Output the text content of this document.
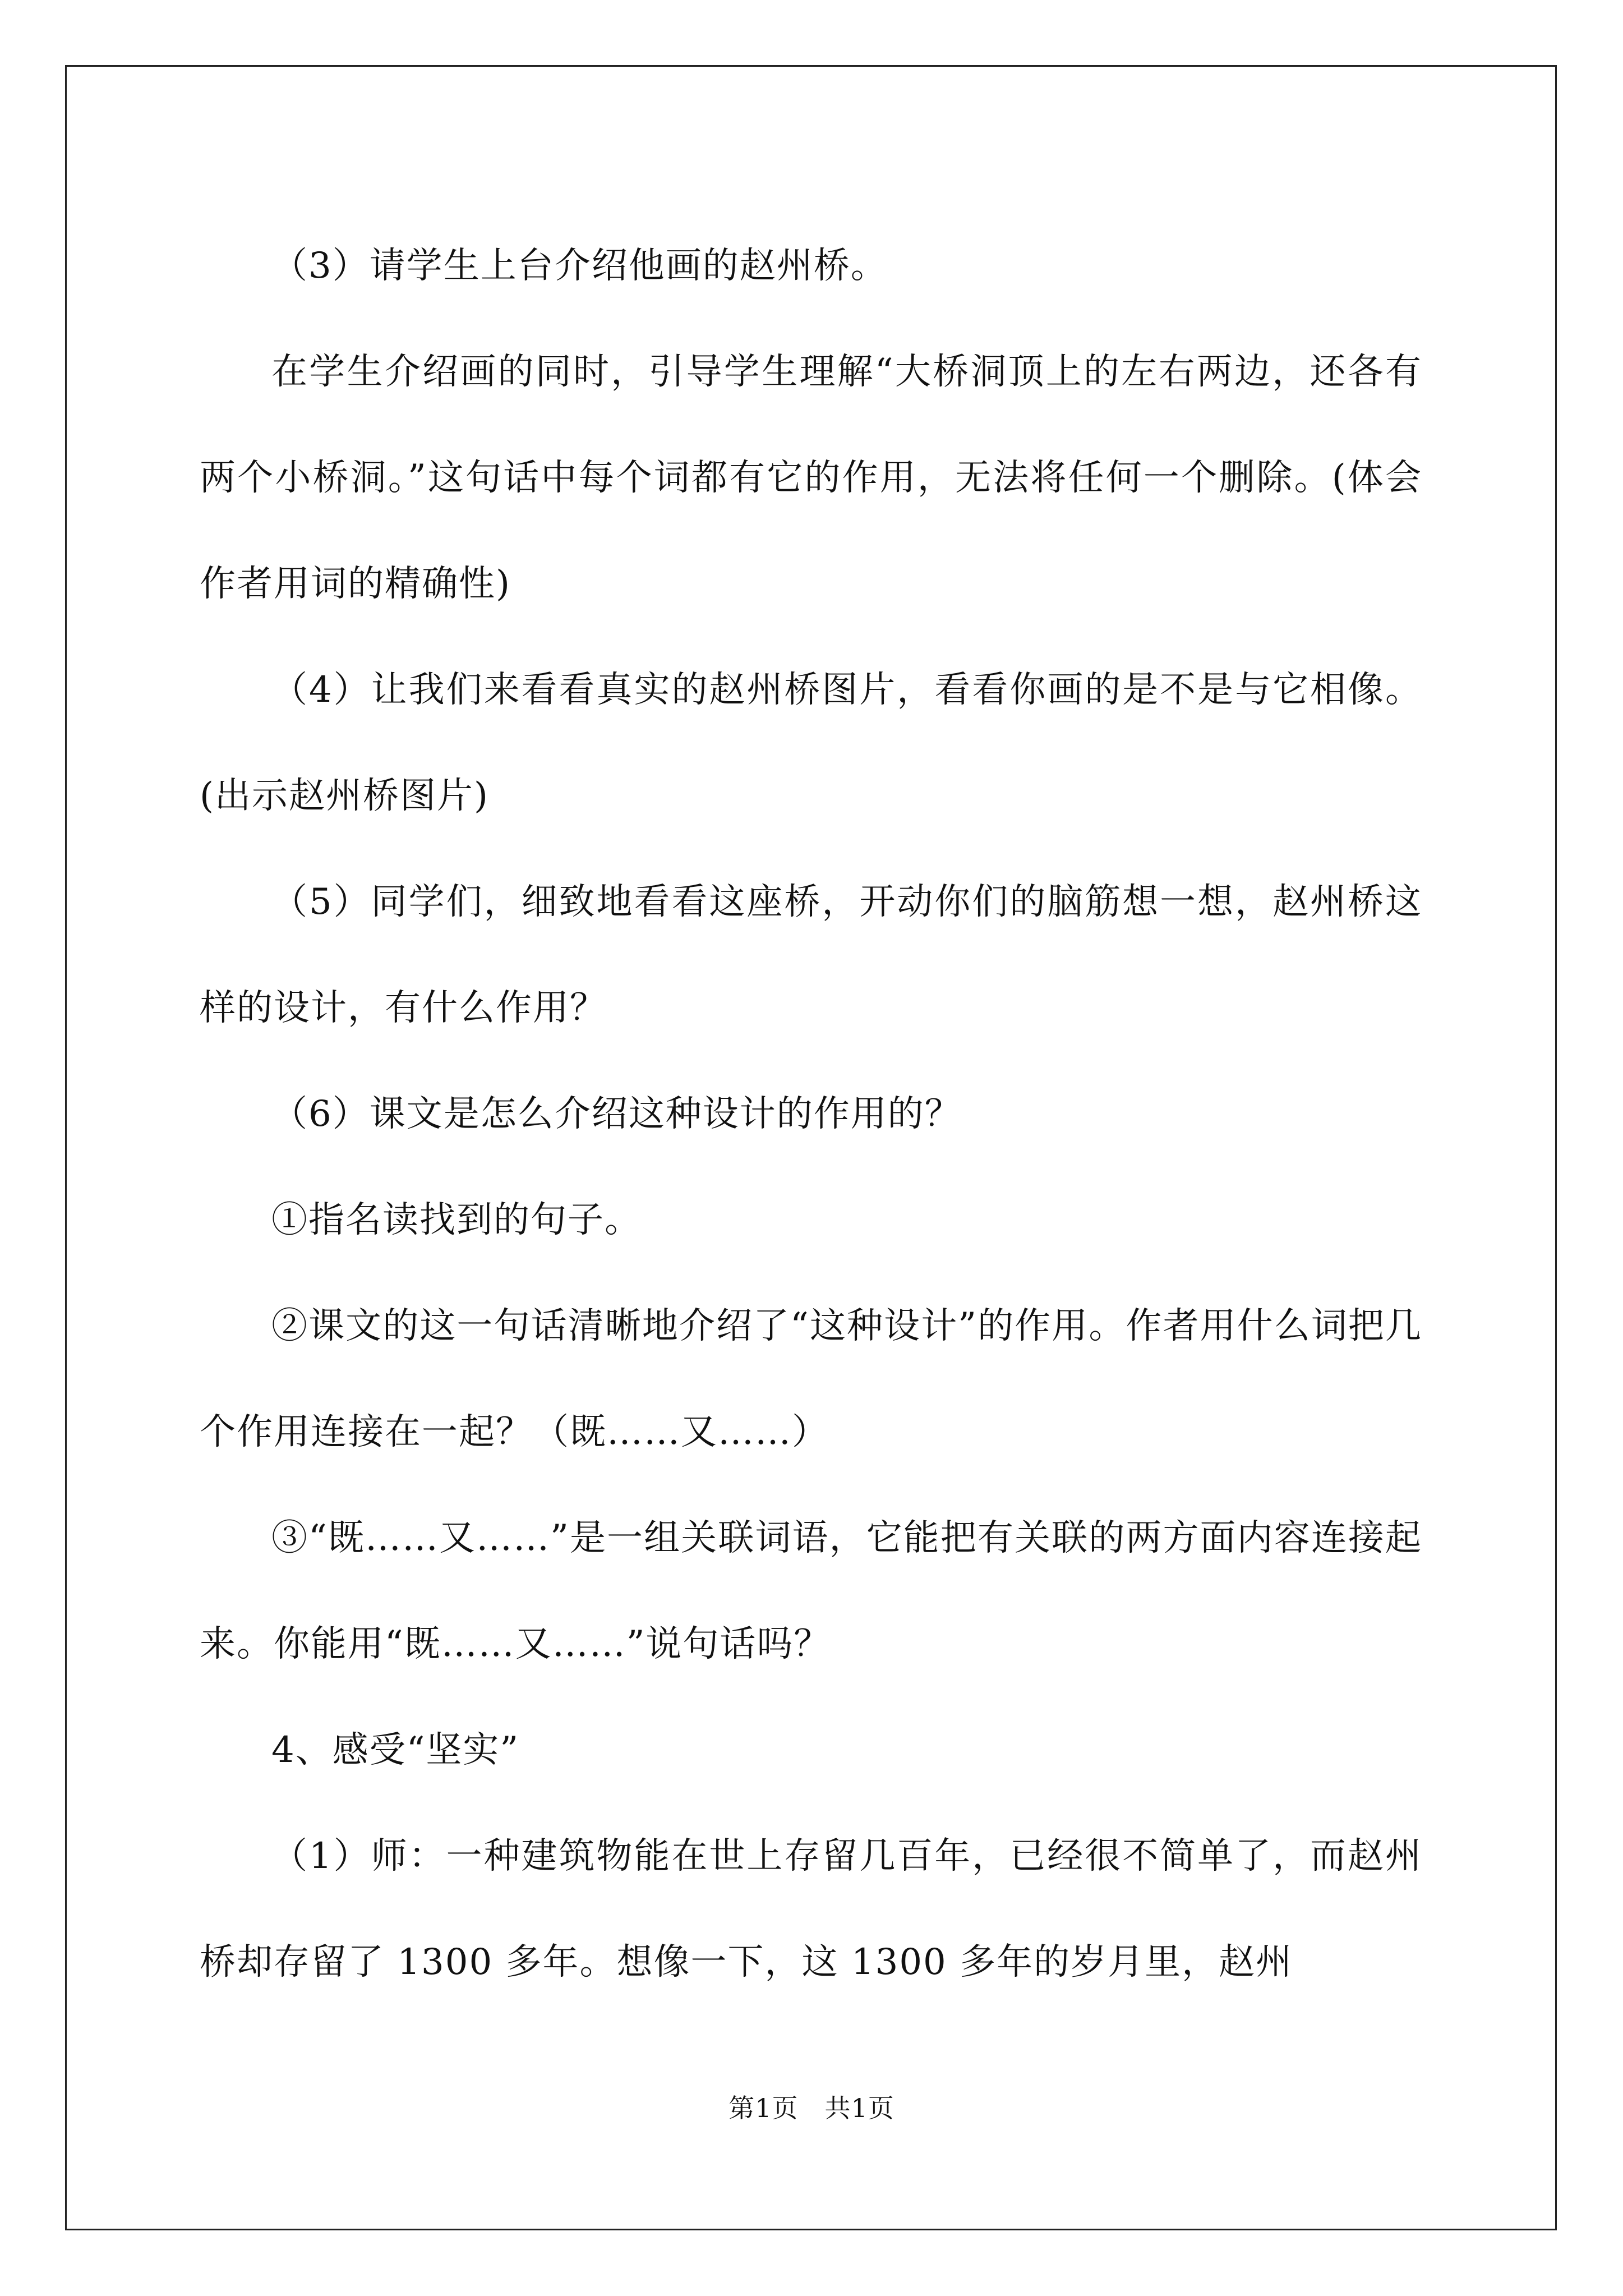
（3）请学生上台介绍他画的赵州桥。

在学生介绍画的同时，引导学生理解“大桥洞顶上的左右两边，还各有两个小桥洞。”这句话中每个词都有它的作用，无法将任何一个删除。(体会作者用词的精确性)

（4）让我们来看看真实的赵州桥图片，看看你画的是不是与它相像。(出示赵州桥图片)

（5）同学们，细致地看看这座桥，开动你们的脑筋想一想，赵州桥这样的设计，有什么作用？

（6）课文是怎么介绍这种设计的作用的？

①指名读找到的句子。

②课文的这一句话清晰地介绍了“这种设计”的作用。作者用什么词把几个作用连接在一起？（既……又……）

③“既……又……”是一组关联词语，它能把有关联的两方面内容连接起来。你能用“既……又……”说句话吗？

4、感受“坚实”

（1）师：一种建筑物能在世上存留几百年，已经很不简单了，而赵州桥却存留了 1300 多年。想像一下，这 1300 多年的岁月里，赵州

第1页　共1页
